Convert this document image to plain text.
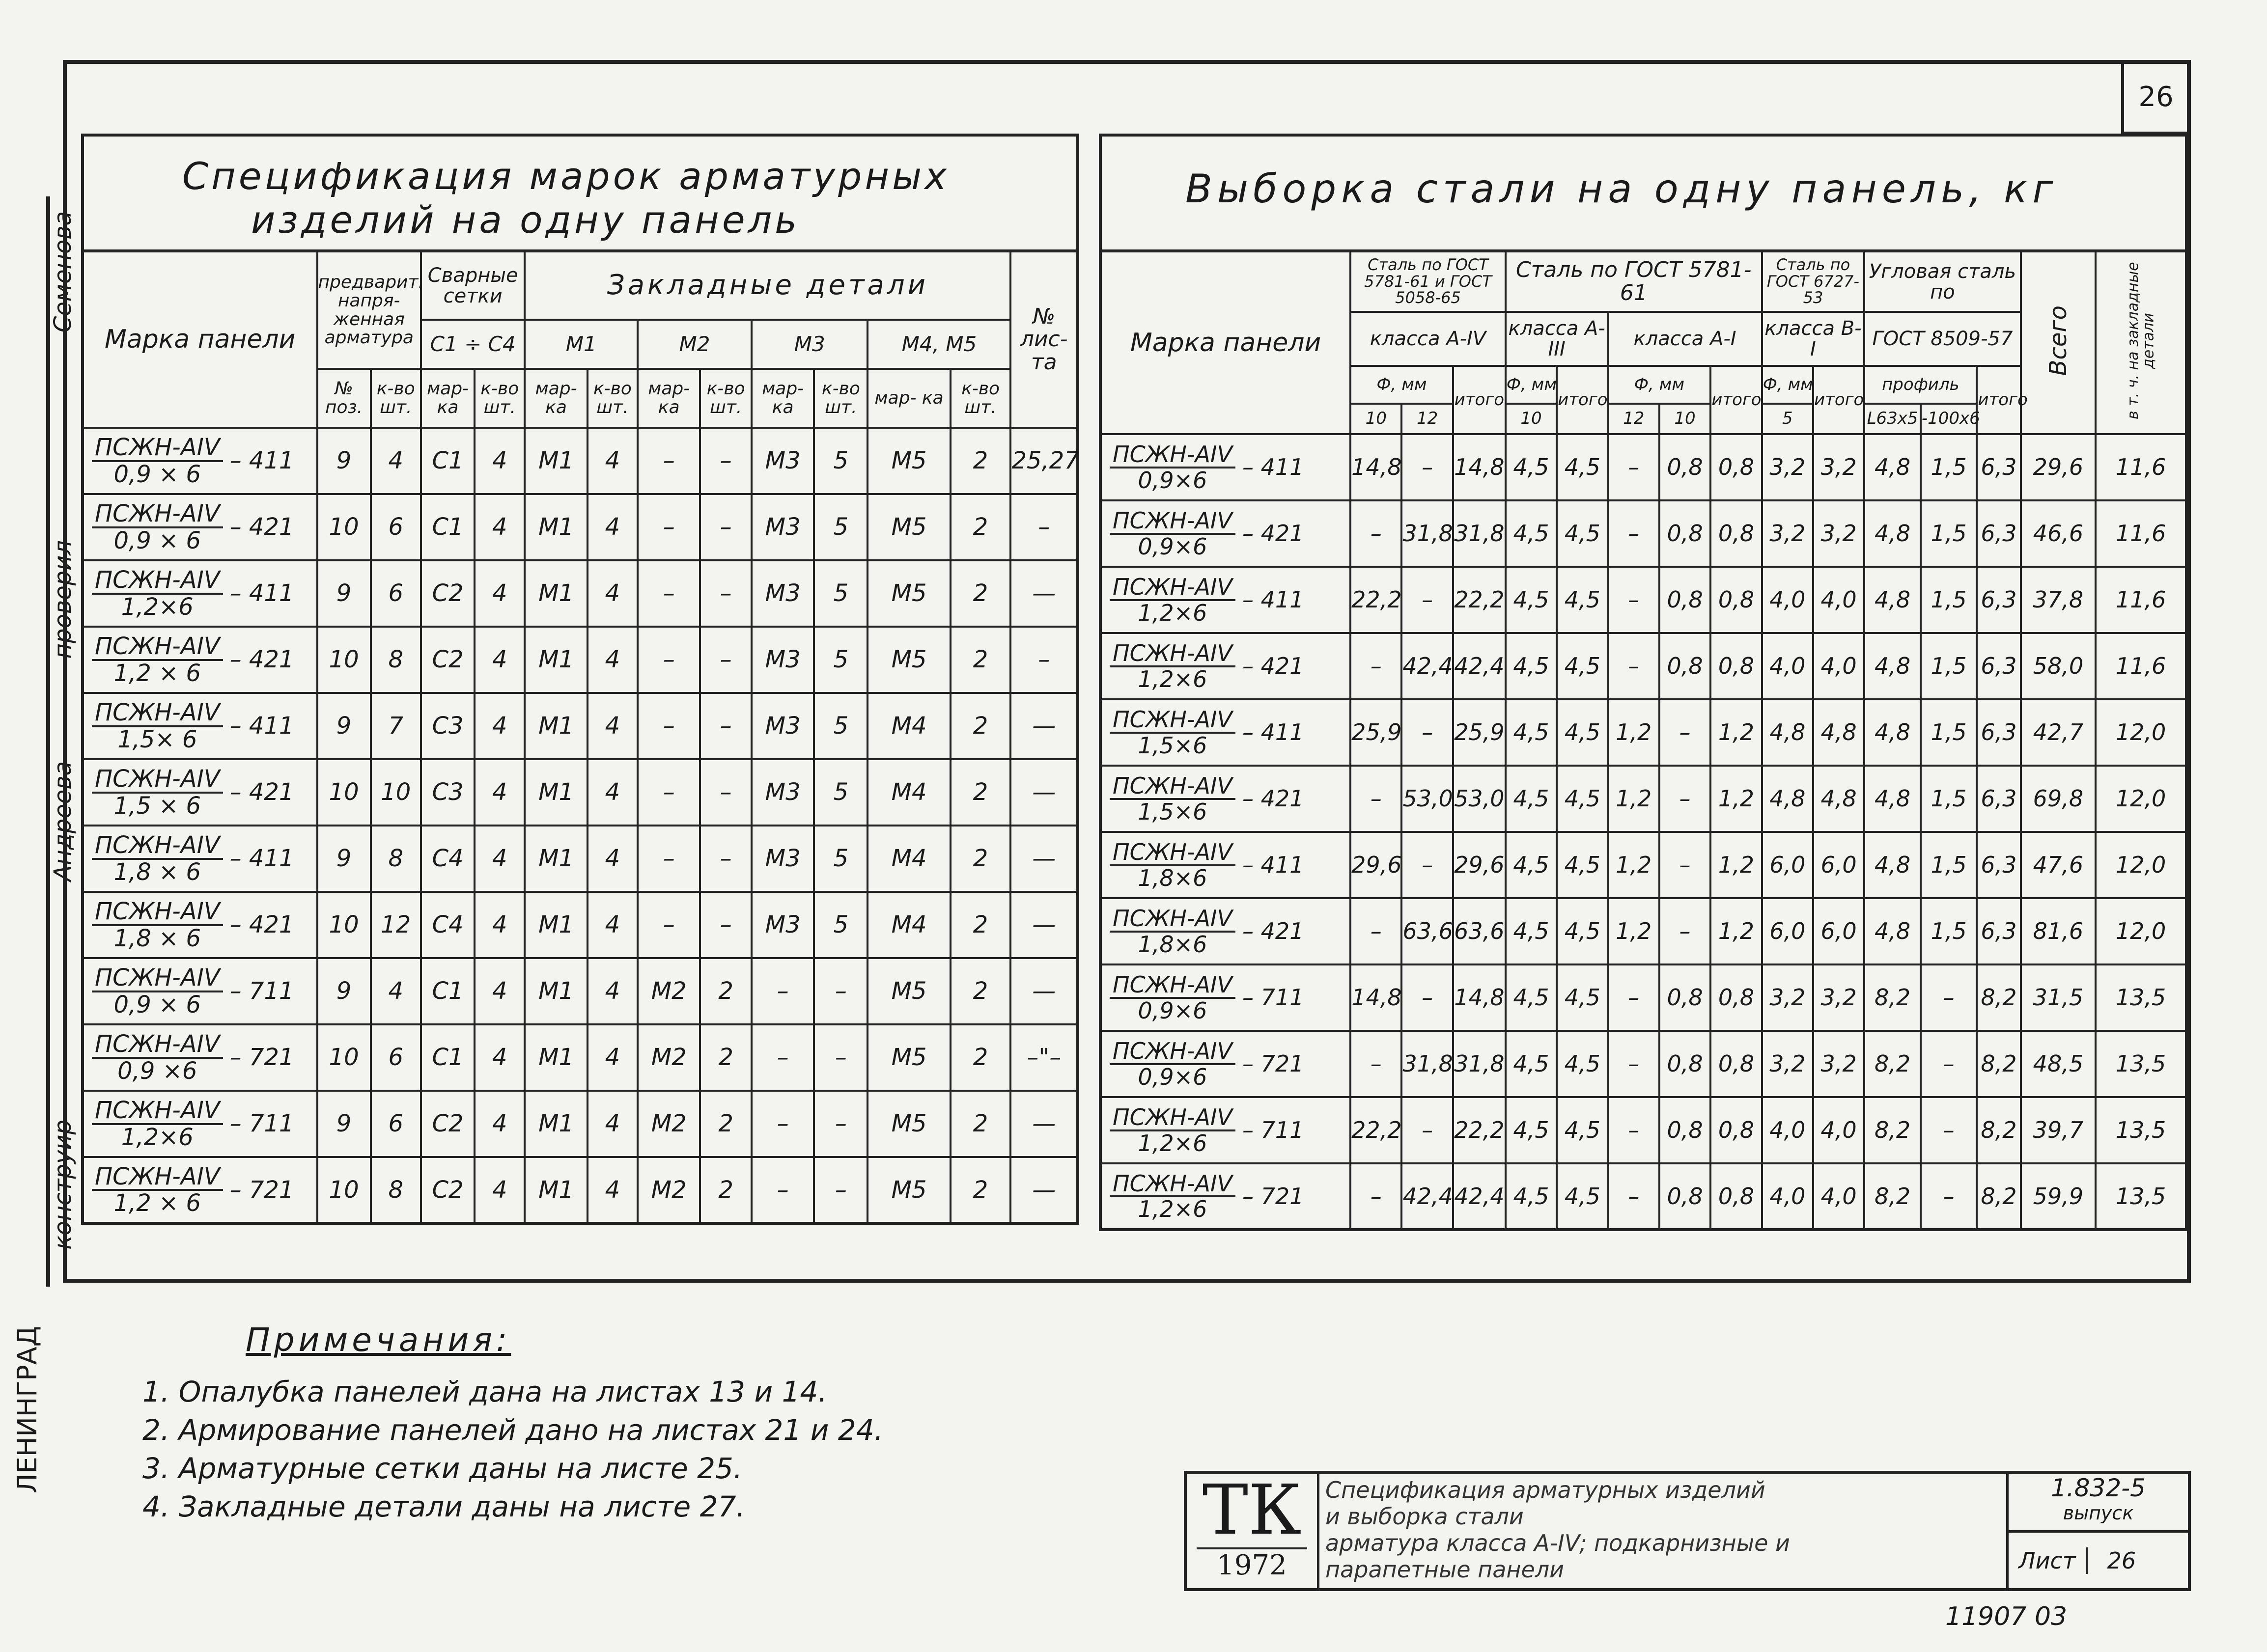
Семенова
проверил
Андреева
конструир
ЛЕНИНГРАД
26
Спецификация марок арматурных
изделий на одну панель
Марка панели	предварит. напря- женная арматура		Сварные сетки		Закладные детали								№ лис- та
			С1 ÷ С4		М1		М2		М3		М4, М5		
	№ поз.	к-во шт.	мар- ка	к-во шт.	мар- ка	к-во шт.	мар- ка	к-во шт.	мар- ка	к-во шт.	мар- ка	к-во шт.	

$\frac{\text{ПСЖН-АIV}}{0,9 \times 6} - 411$	9	4	С1	4	М1	4	–	–	М3	5	М5	2	25,27

$\frac{\text{ПСЖН-АIV}}{0,9 \times 6} - 421$	10	6	С1	4	М1	4	–	–	М3	5	М5	2	–

$\frac{\text{ПСЖН-АIV}}{1,2\times 6} - 411$	9	6	С2	4	М1	4	–	–	М3	5	М5	2	—

$\frac{\text{ПСЖН-АIV}}{1,2 \times 6} - 421$	10	8	С2	4	М1	4	–	–	М3	5	М5	2	–

$\frac{\text{ПСЖН-АIV}}{1,5\times 6} - 411$	9	7	С3	4	М1	4	–	–	М3	5	М4	2	—

$\frac{\text{ПСЖН-АIV}}{1,5 \times 6} - 421$	10	10	С3	4	М1	4	–	–	М3	5	М4	2	—

$\frac{\text{ПСЖН-АIV}}{1,8 \times 6} - 411$	9	8	С4	4	М1	4	–	–	М3	5	М4	2	—

$\frac{\text{ПСЖН-АIV}}{1,8 \times 6} - 421$	10	12	С4	4	М1	4	–	–	М3	5	М4	2	—

$\frac{\text{ПСЖН-АIV}}{0,9 \times 6} - 711$	9	4	С1	4	М1	4	М2	2	–	–	М5	2	—

$\frac{\text{ПСЖН-АIV}}{0,9 \times 6} - 721$	10	6	С1	4	М1	4	М2	2	–	–	М5	2	–"–

$\frac{\text{ПСЖН-АIV}}{1,2\times 6} - 711$	9	6	С2	4	М1	4	М2	2	–	–	М5	2	—

$\frac{\text{ПСЖН-АIV}}{1,2 \times 6} - 721$	10	8	С2	4	М1	4	М2	2	–	–	М5	2	—
Выборка стали на одну панель, кг
Марка панели	Сталь по ГОСТ 5781-61 и ГОСТ 5058-65			Сталь по ГОСТ 5781-61					Сталь по ГОСТ 6727-53		Угловая сталь по			Всего	в т. ч. на закладные детали
	класса А-IV			класса А-III		класса А-I			класса В-I		ГОСТ 8509-57				
	Ф, мм		итого	Ф, мм	итого	Ф, мм		итого	Ф, мм	итого	профиль		итого		
	10	12		10		12	10		5		L63х5	-100х6			

$\frac{\text{ПСЖН-АIV}}{0,9\times 6} - 411$	14,8	–	14,8	4,5	4,5	–	0,8	0,8	3,2	3,2	4,8	1,5	6,3	29,6	11,6

$\frac{\text{ПСЖН-АIV}}{0,9\times 6} - 421$	–	31,8	31,8	4,5	4,5	–	0,8	0,8	3,2	3,2	4,8	1,5	6,3	46,6	11,6

$\frac{\text{ПСЖН-АIV}}{1,2\times 6} - 411$	22,2	–	22,2	4,5	4,5	–	0,8	0,8	4,0	4,0	4,8	1,5	6,3	37,8	11,6

$\frac{\text{ПСЖН-АIV}}{1,2\times 6} - 421$	–	42,4	42,4	4,5	4,5	–	0,8	0,8	4,0	4,0	4,8	1,5	6,3	58,0	11,6

$\frac{\text{ПСЖН-АIV}}{1,5\times 6} - 411$	25,9	–	25,9	4,5	4,5	1,2	–	1,2	4,8	4,8	4,8	1,5	6,3	42,7	12,0

$\frac{\text{ПСЖН-АIV}}{1,5\times 6} - 421$	–	53,0	53,0	4,5	4,5	1,2	–	1,2	4,8	4,8	4,8	1,5	6,3	69,8	12,0

$\frac{\text{ПСЖН-АIV}}{1,8\times 6} - 411$	29,6	–	29,6	4,5	4,5	1,2	–	1,2	6,0	6,0	4,8	1,5	6,3	47,6	12,0

$\frac{\text{ПСЖН-АIV}}{1,8\times 6} - 421$	–	63,6	63,6	4,5	4,5	1,2	–	1,2	6,0	6,0	4,8	1,5	6,3	81,6	12,0

$\frac{\text{ПСЖН-АIV}}{0,9\times 6} - 711$	14,8	–	14,8	4,5	4,5	–	0,8	0,8	3,2	3,2	8,2	–	8,2	31,5	13,5

$\frac{\text{ПСЖН-АIV}}{0,9\times 6} - 721$	–	31,8	31,8	4,5	4,5	–	0,8	0,8	3,2	3,2	8,2	–	8,2	48,5	13,5

$\frac{\text{ПСЖН-АIV}}{1,2\times 6} - 711$	22,2	–	22,2	4,5	4,5	–	0,8	0,8	4,0	4,0	8,2	–	8,2	39,7	13,5

$\frac{\text{ПСЖН-АIV}}{1,2\times 6} - 721$	–	42,4	42,4	4,5	4,5	–	0,8	0,8	4,0	4,0	8,2	–	8,2	59,9	13,5
Примечания:
1. Опалубка панелей дана на листах 13 и 14.
2. Армирование панелей дано на листах 21 и 24.
3. Арматурные сетки даны на листе 25.
4. Закладные детали даны на листе 27.	ТК
1972
Спецификация арматурных изделий
и выборка стали
арматура класса А-IV; подкарнизные и
парапетные панели
1.832-5
выпуск
Лист	26
11907 03
